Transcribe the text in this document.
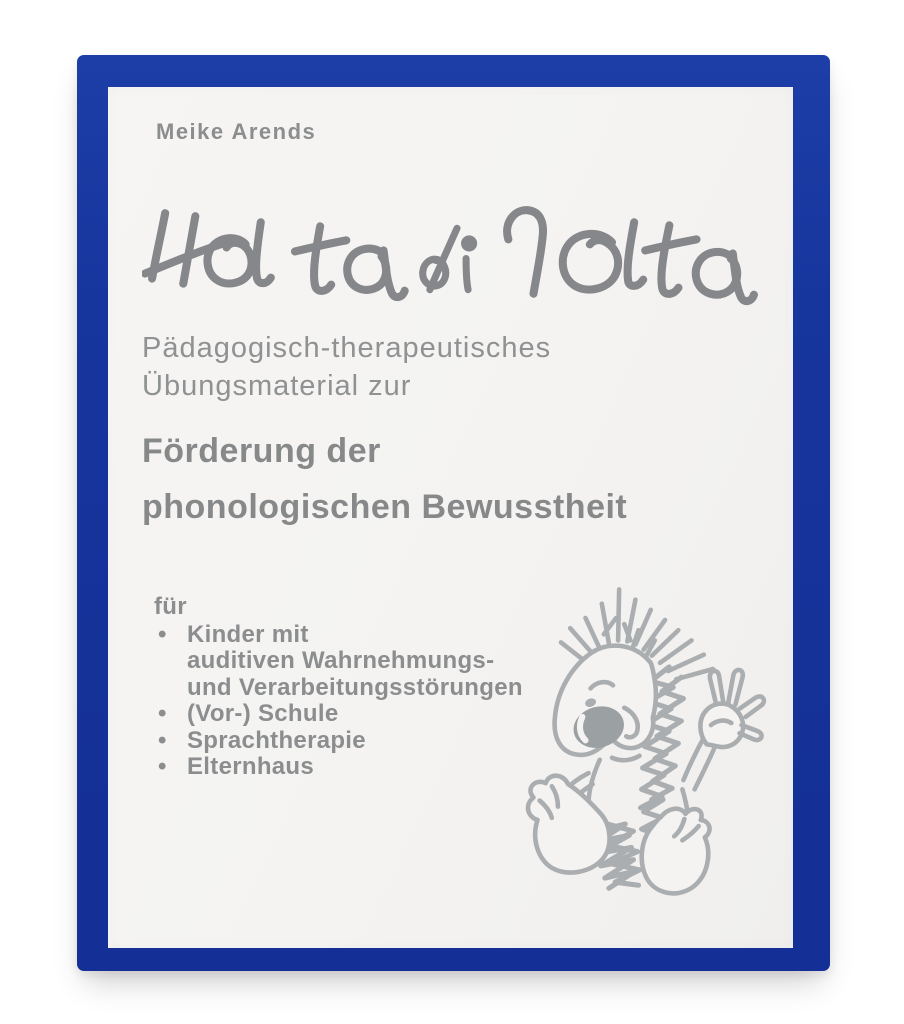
Meike Arends
Pädagogisch-therapeutisches
Übungsmaterial zur
Förderung der
phonologischen Bewusstheit
für
• Kinder mit
auditiven Wahrnehmungs-
und Verarbeitungsstörungen
• (Vor-) Schule
• Sprachtherapie
• Elternhaus
